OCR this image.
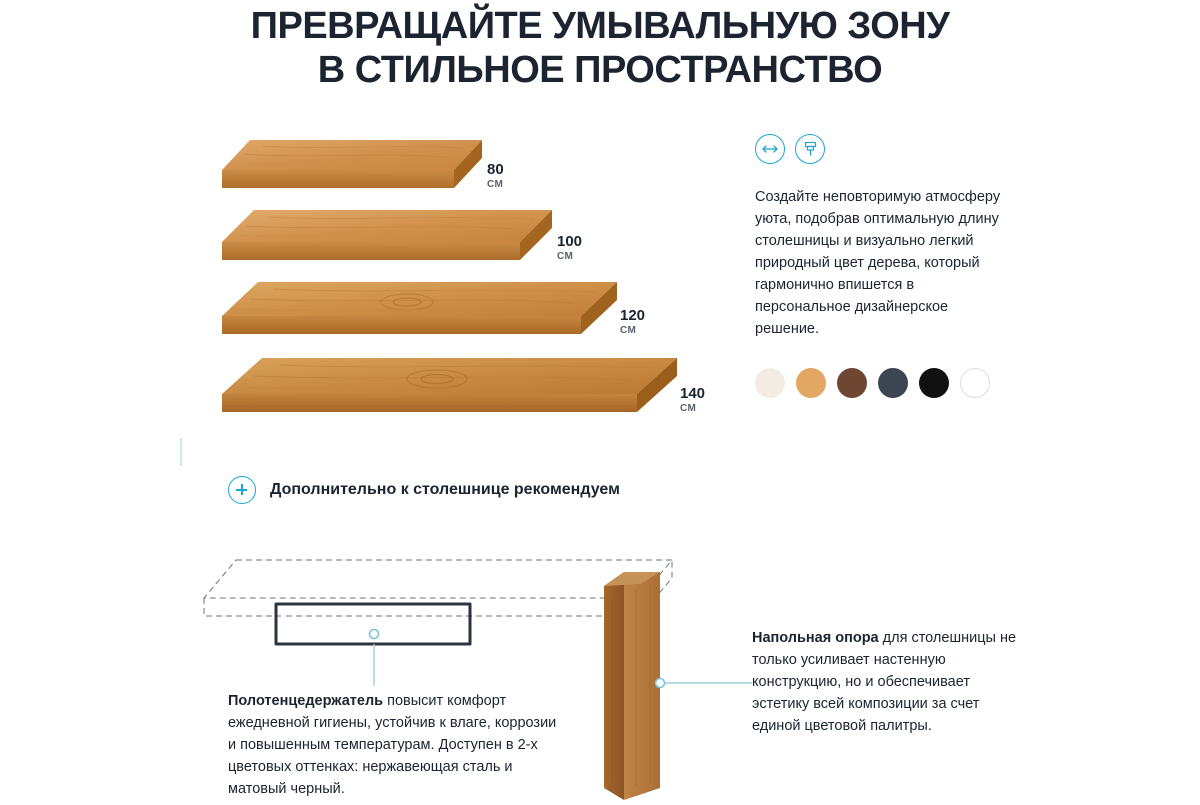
ПРЕВРАЩАЙТЕ УМЫВАЛЬНУЮ ЗОНУ
В СТИЛЬНОЕ ПРОСТРАНСТВО
80
СМ
100
СМ
120
СМ
140
СМ

Создайте неповторимую атмосферу уюта, подобрав оптимальную длину столешницы и визуально легкий природный цвет дерева, который гармонично впишется в персональное дизайнерское решение.

Дополнительно к столешнице рекомендуем
Полотенцедержатель повысит комфорт ежедневной гигиены, устойчив к влаге, коррозии и повышенным температурам. Доступен в 2-х цветовых оттенках: нержавеющая сталь и матовый черный.
Напольная опора для столешницы не только усиливает настенную конструкцию, но и обеспечивает эстетику всей композиции за счет единой цветовой палитры.
